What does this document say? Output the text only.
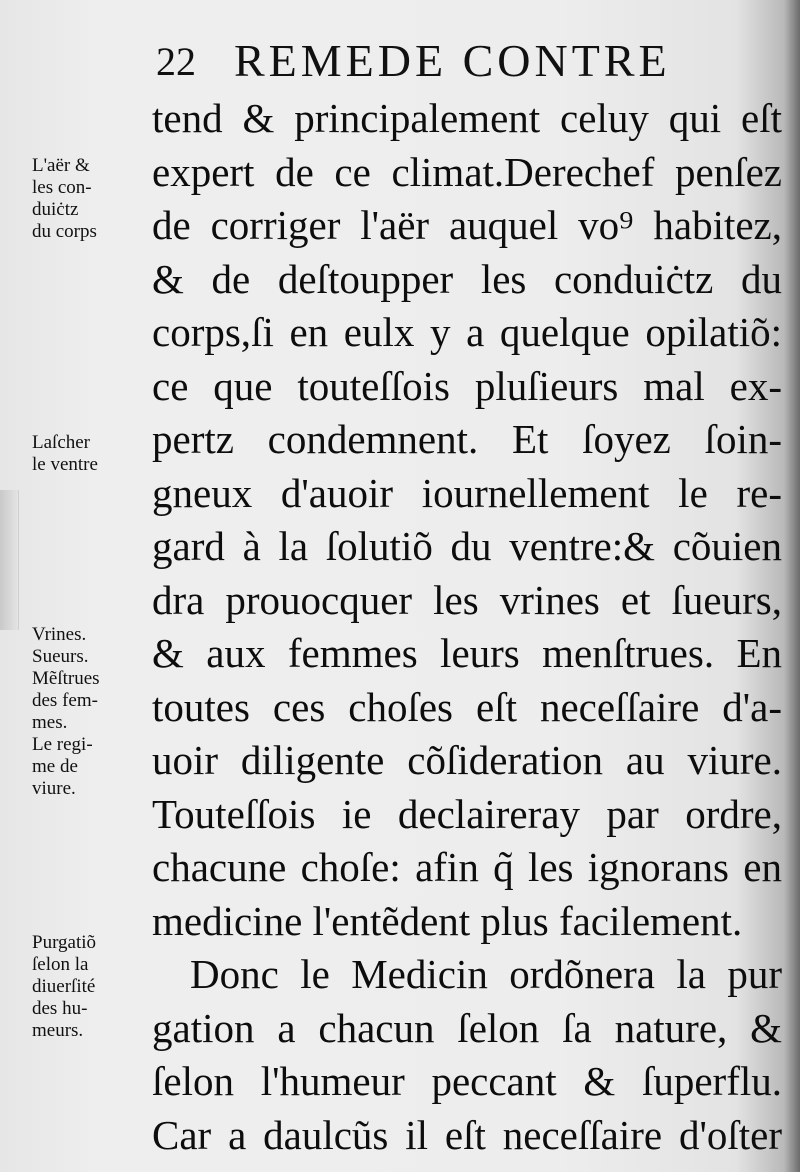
22 REMEDE CONTRE
tend & principalement celuy qui eſt
expert de ce climat.Derechef penſez
de corriger l'aër auquel vo⁹ habitez,
& de deſtoupper les conduiċtz du
corps,ſi en eulx y a quelque opilatiõ:
ce que touteſſois pluſieurs mal ex-
pertz condemnent. Et ſoyez ſoin-
gneux d'auoir iournellement le re-
gard à la ſolutiõ du ventre:& cõuien
dra prouocquer les vrines et ſueurs,
& aux femmes leurs menſtrues. En
toutes ces choſes eſt neceſſaire d'a-
uoir diligente cõſideration au viure.
Touteſſois ie declaireray par ordre,
chacune choſe: afin q̃ les ignorans en
medicine l'entẽdent plus facilement.
Donc le Medicin ordõnera la pur
gation a chacun ſelon ſa nature, &
ſelon l'humeur peccant & ſuperflu.
Car a daulcũs il eſt neceſſaire d'oſter
L'aër &
les con-
duiċtz
du corps
Laſcher
le ventre
Vrines.
Sueurs.
Mẽſtrues
des fem-
mes.
Le regi-
me de
viure.
Purgatiõ
ſelon la
diuerſité
des hu-
meurs.
